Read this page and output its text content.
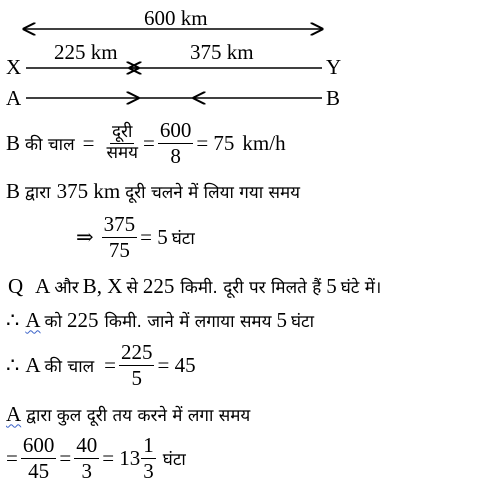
600 km
X	Y
A	B
225 km	375 km
B की चाल = $\frac{\text{दूरी}}{\text{समय}} = \frac{600}{8} = 75$ km/h
B द्वारा 375 km दूरी चलने में लिया गया समय
⇒ $\frac{375}{75} = 5$ घंटा
Q A और B, X से 225 किमी. दूरी पर मिलते हैं 5 घंटे में।
∴ A को 225 किमी. जाने में लगाया समय 5 घंटा
∴ A की चाल = $\frac{225}{5} = 45$
A द्वारा कुल दूरी तय करने में लगा समय
= $\frac{600}{45} = \frac{40}{3} = 13 \frac{1}{3}$ घंटा
